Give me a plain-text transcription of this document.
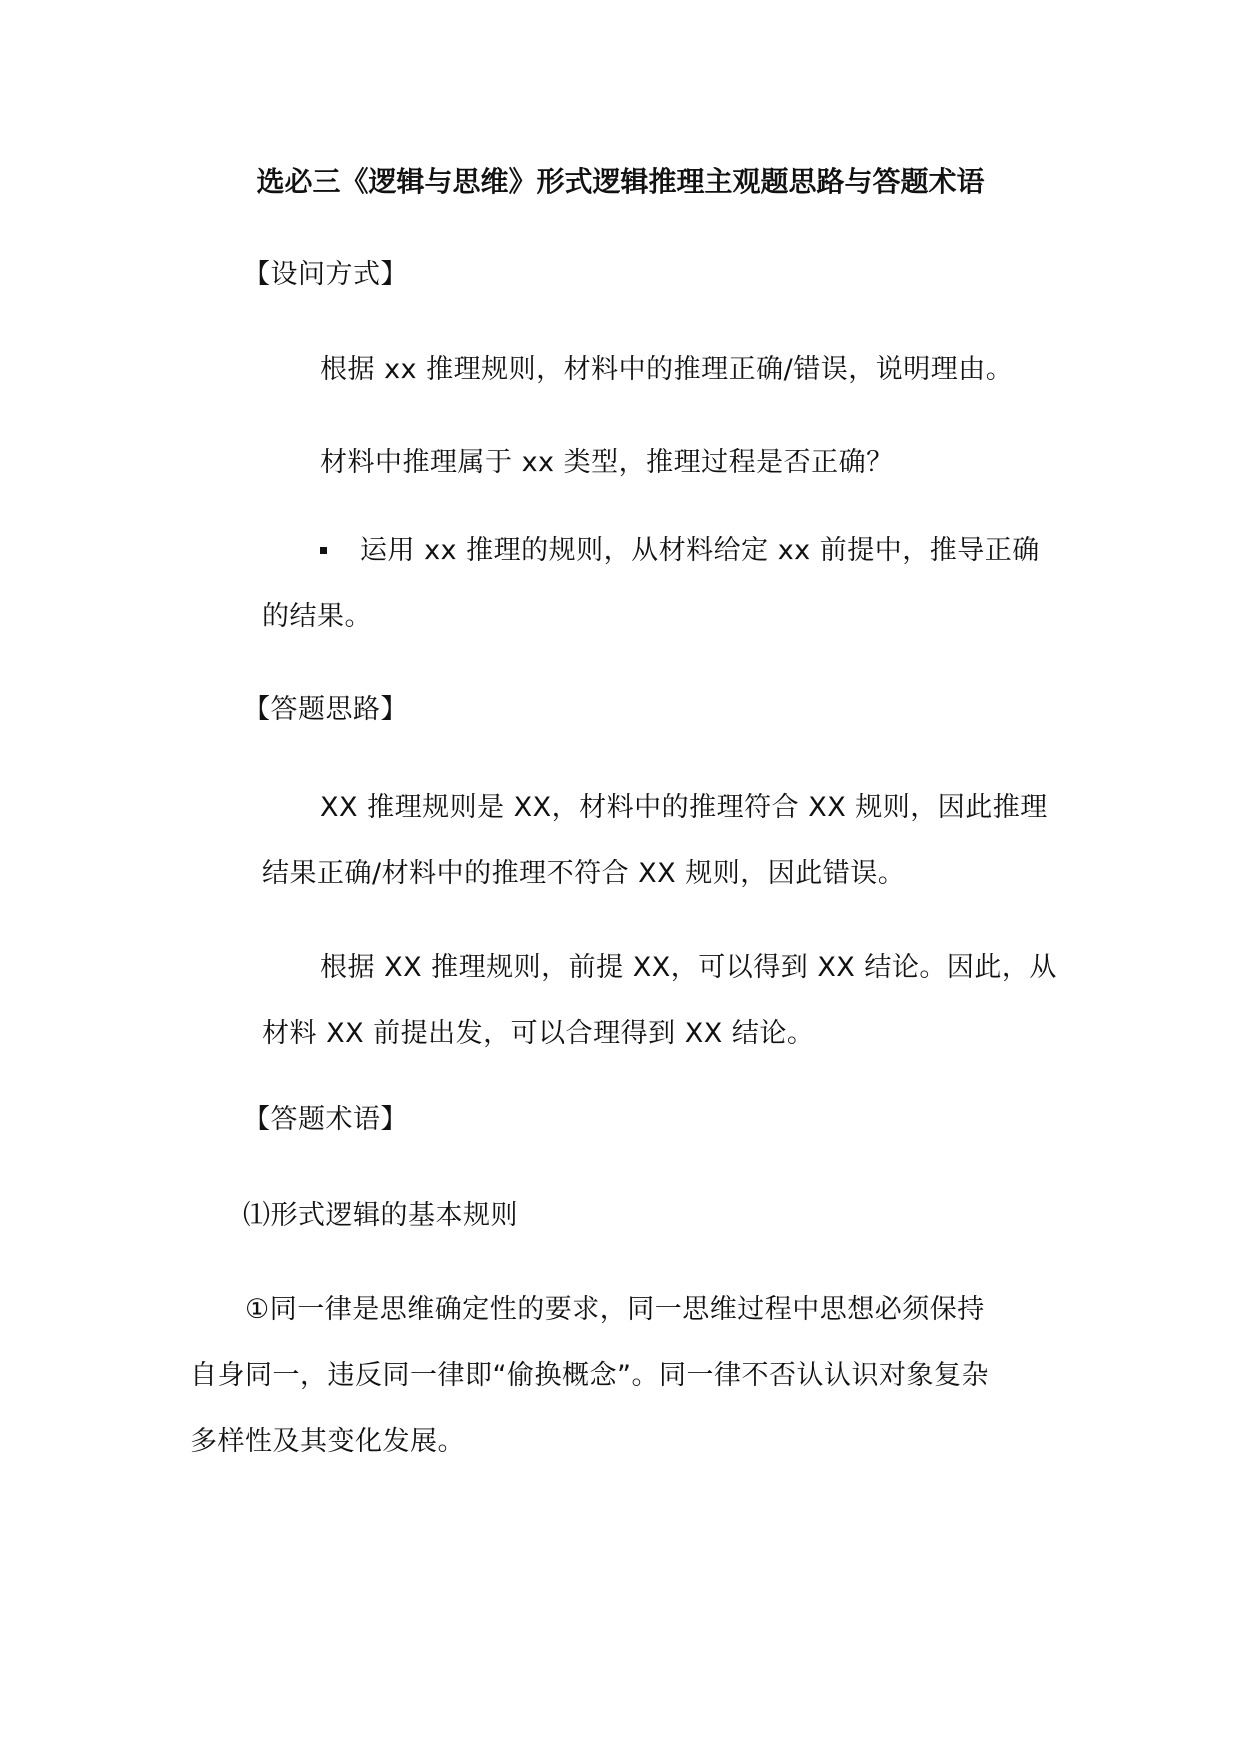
选必三《逻辑与思维》形式逻辑推理主观题思路与答题术语
【设问方式】
根据 xx 推理规则，材料中的推理正确/错误，说明理由。
材料中推理属于 xx 类型，推理过程是否正确？
运用 xx 推理的规则，从材料给定 xx 前提中，推导正确
的结果。
【答题思路】
XX 推理规则是 XX，材料中的推理符合 XX 规则，因此推理
结果正确/材料中的推理不符合 XX 规则，因此错误。
根据 XX 推理规则，前提 XX，可以得到 XX 结论。因此，从
材料 XX 前提出发，可以合理得到 XX 结论。
【答题术语】
⑴形式逻辑的基本规则
①同一律是思维确定性的要求，同一思维过程中思想必须保持
自身同一，违反同一律即“偷换概念”。同一律不否认认识对象复杂
多样性及其变化发展。
